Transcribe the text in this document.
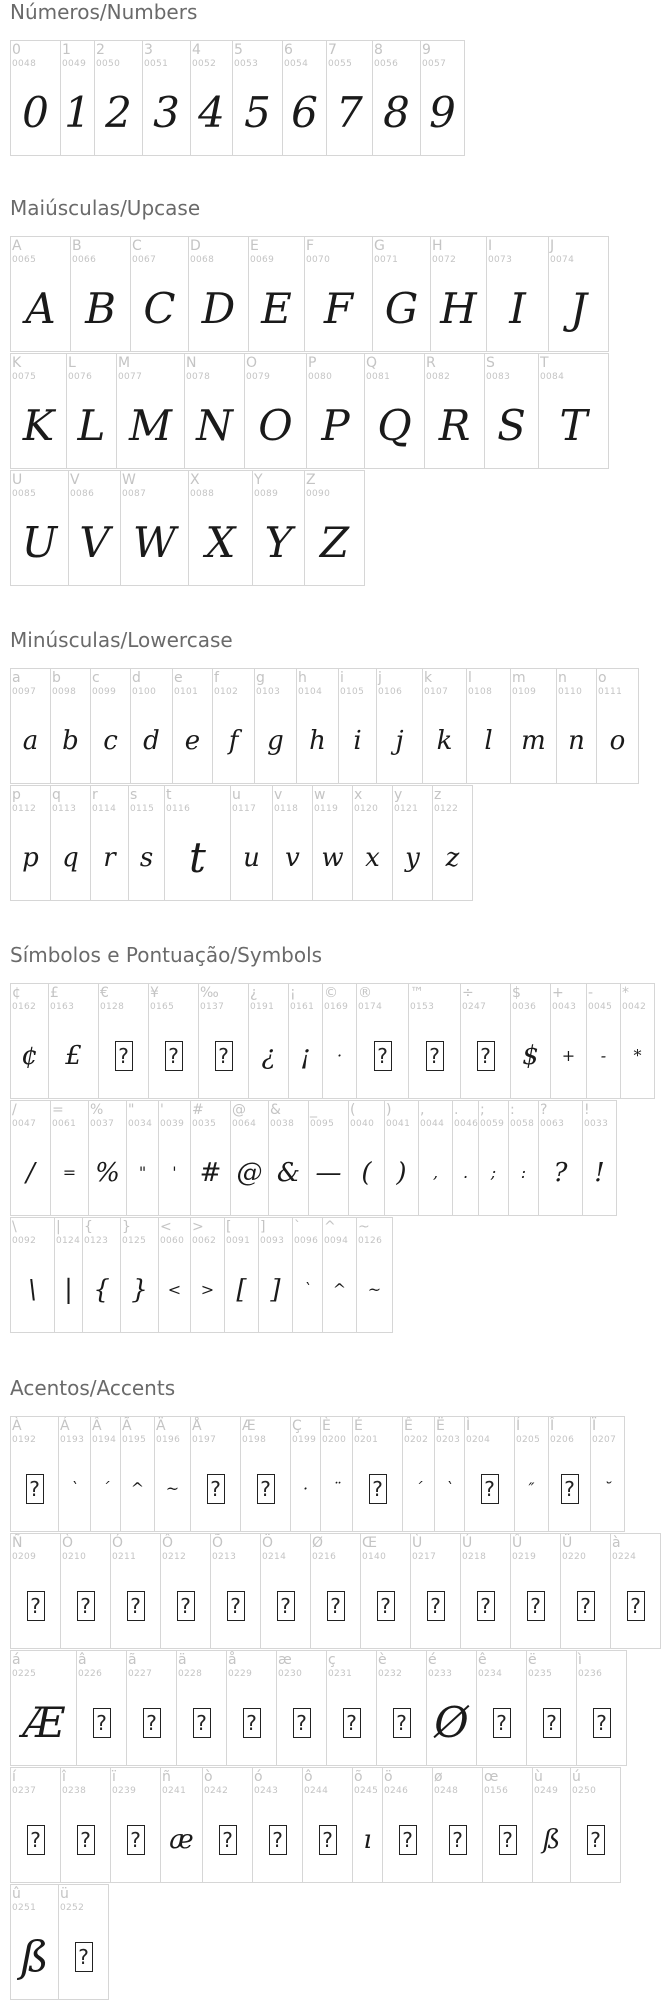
Números/Numbers
0
0048
0
1
0049
1
2
0050
2
3
0051
3
4
0052
4
5
0053
5
6
0054
6
7
0055
7
8
0056
8
9
0057
9
Maiúsculas/Upcase
A
0065
A
B
0066
B
C
0067
C
D
0068
D
E
0069
E
F
0070
F
G
0071
G
H
0072
H
I
0073
I
J
0074
J
K
0075
K
L
0076
L
M
0077
M
N
0078
N
O
0079
O
P
0080
P
Q
0081
Q
R
0082
R
S
0083
S
T
0084
T
U
0085
U
V
0086
V
W
0087
W
X
0088
X
Y
0089
Y
Z
0090
Z
Minúsculas/Lowercase
a
0097
a
b
0098
b
c
0099
c
d
0100
d
e
0101
e
f
0102
f
g
0103
g
h
0104
h
i
0105
i
j
0106
j
k
0107
k
l
0108
l
m
0109
m
n
0110
n
o
0111
o
p
0112
p
q
0113
q
r
0114
r
s
0115
s
t
0116
t
u
0117
u
v
0118
v
w
0119
w
x
0120
x
y
0121
y
z
0122
z
Símbolos e Pontuação/Symbols
¢
0162
¢
£
0163
£
€
0128
?
¥
0165
?
‰
0137
?
¿
0191
¿
¡
0161
¡
©
0169
·
®
0174
?
™
0153
?
÷
0247
?
$
0036
$
+
0043
+
-
0045
-
*
0042
*
/
0047
/
=
0061
=
%
0037
%
"
0034
"
'
0039
'
#
0035
#
@
0064
@
&
0038
&
_
0095
—
(
0040
(
)
0041
)
,
0044
,
.
0046
.
;
0059
;
:
0058
:
?
0063
?
!
0033
!
\
0092
\
|
0124
|
{
0123
{
}
0125
}
<
0060
<
>
0062
>
[
0091
[
]
0093
]
`
0096
`
^
0094
^
~
0126
~
Acentos/Accents
À
0192
?
Á
0193
`
Â
0194
´
Ã
0195
^
Ä
0196
~
Å
0197
?
Æ
0198
?
Ç
0199
·
È
0200
¨
É
0201
?
Ê
0202
´
Ë
0203
`
Ì
0204
?
Í
0205
″
Î
0206
?
Ï
0207
˘
Ñ
0209
?
Ò
0210
?
Ó
0211
?
Ô
0212
?
Õ
0213
?
Ö
0214
?
Ø
0216
?
Œ
0140
?
Ù
0217
?
Ú
0218
?
Û
0219
?
Ü
0220
?
à
0224
?
á
0225
Æ
â
0226
?
ã
0227
?
ä
0228
?
å
0229
?
æ
0230
?
ç
0231
?
è
0232
?
é
0233
Ø
ê
0234
?
ë
0235
?
ì
0236
?
í
0237
?
î
0238
?
ï
0239
?
ñ
0241
æ
ò
0242
?
ó
0243
?
ô
0244
?
õ
0245
ı
ö
0246
?
ø
0248
?
œ
0156
?
ù
0249
ß
ú
0250
?
û
0251
ß
ü
0252
?
